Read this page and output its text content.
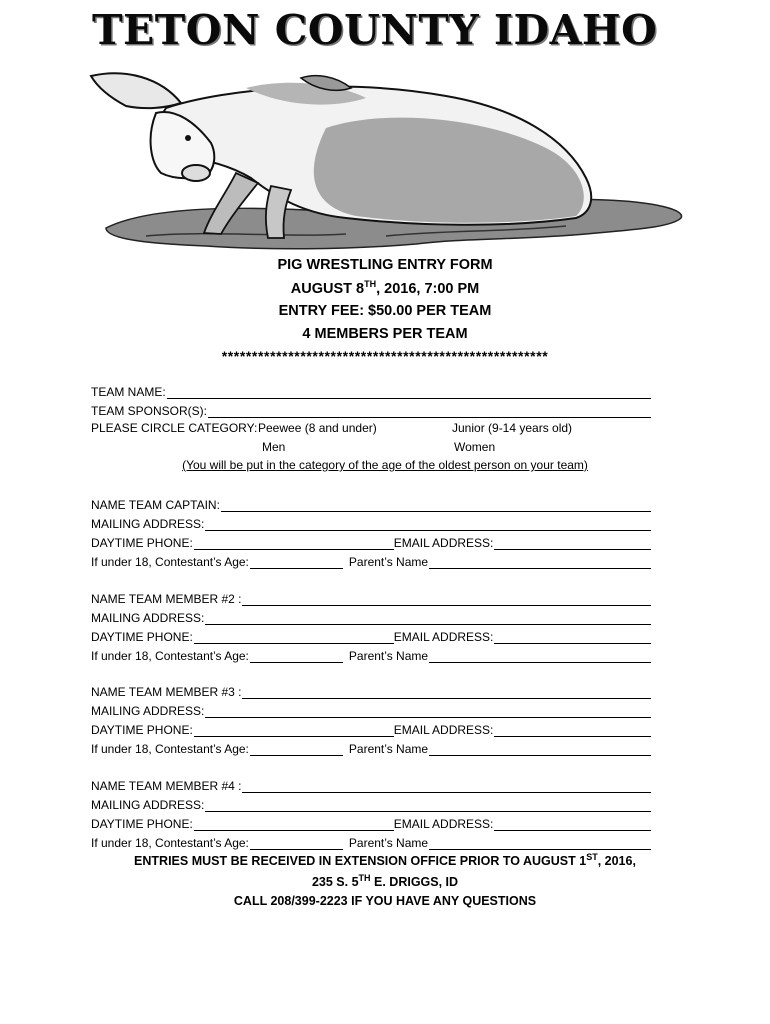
TETON COUNTY IDAHO
PIG WRESTLING ENTRY FORM
AUGUST 8TH, 2016, 7:00 PM
ENTRY FEE: $50.00 PER TEAM
4 MEMBERS PER TEAM
******************************************************
TEAM NAME:
TEAM SPONSOR(S):
PLEASE CIRCLE CATEGORY: Peewee (8 and under)	Junior (9-14 years old)
Men	Women
(You will be put in the category of the age of the oldest person on your team)
NAME TEAM CAPTAIN:
MAILING ADDRESS:
DAYTIME PHONE:	EMAIL ADDRESS:
If under 18, Contestant’s Age:	Parent’s Name
NAME TEAM MEMBER #2 :
MAILING ADDRESS:
DAYTIME PHONE:	EMAIL ADDRESS:
If under 18, Contestant’s Age:	Parent’s Name
NAME TEAM MEMBER #3 :
MAILING ADDRESS:
DAYTIME PHONE:	EMAIL ADDRESS:
If under 18, Contestant’s Age:	Parent’s Name
NAME TEAM MEMBER #4 :
MAILING ADDRESS:
DAYTIME PHONE:	EMAIL ADDRESS:
If under 18, Contestant’s Age:	Parent’s Name
ENTRIES MUST BE RECEIVED IN EXTENSION OFFICE PRIOR TO AUGUST 1ST, 2016,
235 S. 5TH E. DRIGGS, ID
CALL 208/399-2223 IF YOU HAVE ANY QUESTIONS
